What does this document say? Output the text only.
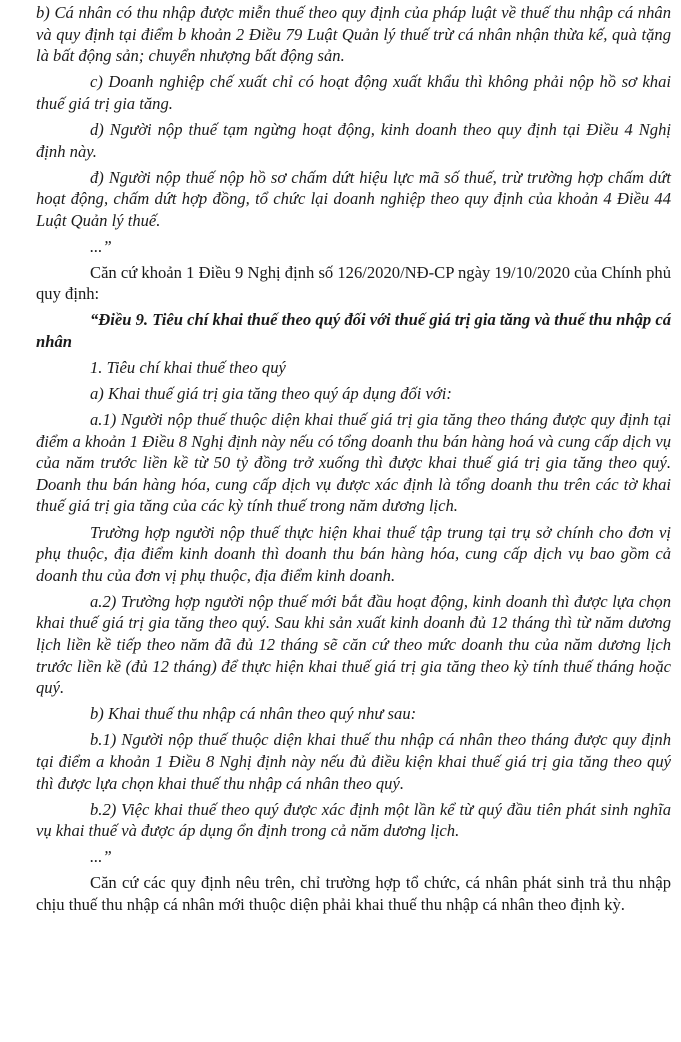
b) Cá nhân có thu nhập được miễn thuế theo quy định của pháp luật về thuế thu nhập cá nhân và quy định tại điểm b khoản 2 Điều 79 Luật Quản lý thuế trừ cá nhân nhận thừa kế, quà tặng là bất động sản; chuyển nhượng bất động sản.

c) Doanh nghiệp chế xuất chỉ có hoạt động xuất khẩu thì không phải nộp hồ sơ khai thuế giá trị gia tăng.

d) Người nộp thuế tạm ngừng hoạt động, kinh doanh theo quy định tại Điều 4 Nghị định này.

đ) Người nộp thuế nộp hồ sơ chấm dứt hiệu lực mã số thuế, trừ trường hợp chấm dứt hoạt động, chấm dứt hợp đồng, tổ chức lại doanh nghiệp theo quy định của khoản 4 Điều 44 Luật Quản lý thuế.

...”

Căn cứ khoản 1 Điều 9 Nghị định số 126/2020/NĐ-CP ngày 19/10/2020 của Chính phủ quy định:

“Điều 9. Tiêu chí khai thuế theo quý đối với thuế giá trị gia tăng và thuế thu nhập cá nhân

1. Tiêu chí khai thuế theo quý

a) Khai thuế giá trị gia tăng theo quý áp dụng đối với:

a.1) Người nộp thuế thuộc diện khai thuế giá trị gia tăng theo tháng được quy định tại điểm a khoản 1 Điều 8 Nghị định này nếu có tổng doanh thu bán hàng hoá và cung cấp dịch vụ của năm trước liền kề từ 50 tỷ đồng trở xuống thì được khai thuế giá trị gia tăng theo quý. Doanh thu bán hàng hóa, cung cấp dịch vụ được xác định là tổng doanh thu trên các tờ khai thuế giá trị gia tăng của các kỳ tính thuế trong năm dương lịch.

Trường hợp người nộp thuế thực hiện khai thuế tập trung tại trụ sở chính cho đơn vị phụ thuộc, địa điểm kinh doanh thì doanh thu bán hàng hóa, cung cấp dịch vụ bao gồm cả doanh thu của đơn vị phụ thuộc, địa điểm kinh doanh.

a.2) Trường hợp người nộp thuế mới bắt đầu hoạt động, kinh doanh thì được lựa chọn khai thuế giá trị gia tăng theo quý. Sau khi sản xuất kinh doanh đủ 12 tháng thì từ năm dương lịch liền kề tiếp theo năm đã đủ 12 tháng sẽ căn cứ theo mức doanh thu của năm dương lịch trước liền kề (đủ 12 tháng) để thực hiện khai thuế giá trị gia tăng theo kỳ tính thuế tháng hoặc quý.

b) Khai thuế thu nhập cá nhân theo quý như sau:

b.1) Người nộp thuế thuộc diện khai thuế thu nhập cá nhân theo tháng được quy định tại điểm a khoản 1 Điều 8 Nghị định này nếu đủ điều kiện khai thuế giá trị gia tăng theo quý thì được lựa chọn khai thuế thu nhập cá nhân theo quý.

b.2) Việc khai thuế theo quý được xác định một lần kể từ quý đầu tiên phát sinh nghĩa vụ khai thuế và được áp dụng ổn định trong cả năm dương lịch.

...”

Căn cứ các quy định nêu trên, chỉ trường hợp tổ chức, cá nhân phát sinh trả thu nhập chịu thuế thu nhập cá nhân mới thuộc diện phải khai thuế thu nhập cá nhân theo định kỳ.
